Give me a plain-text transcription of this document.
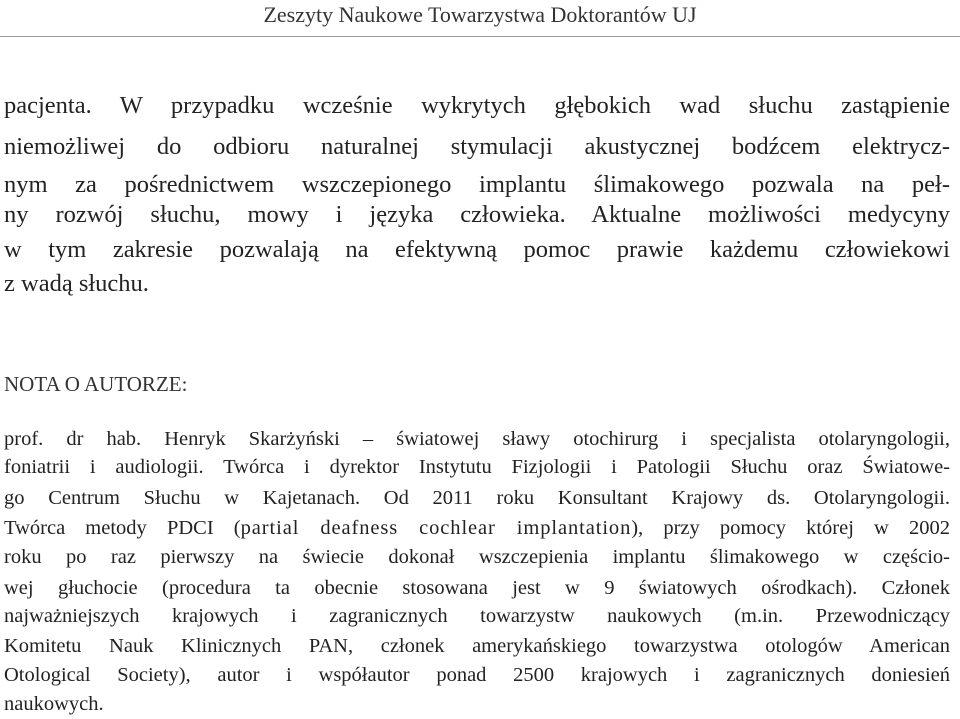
Zeszyty Naukowe Towarzystwa Doktorantów UJ
pacjenta. W przypadku wcześnie wykrytych głębokich wad słuchu zastąpienie
niemożliwej do odbioru naturalnej stymulacji akustycznej bodźcem elektrycz-
nym za pośrednictwem wszczepionego implantu ślimakowego pozwala na peł-
ny rozwój słuchu, mowy i języka człowieka. Aktualne możliwości medycyny
w tym zakresie pozwalają na efektywną pomoc prawie każdemu człowiekowi
z wadą słuchu.
NOTA O AUTORZE:
prof. dr hab. Henryk Skarżyński – światowej sławy otochirurg i specjalista otolaryngologii,
foniatrii i audiologii. Twórca i dyrektor Instytutu Fizjologii i Patologii Słuchu oraz Światowe-
go Centrum Słuchu w Kajetanach. Od 2011 roku Konsultant Krajowy ds. Otolaryngologii.
Twórca metody PDCI (partial deafness cochlear implantation), przy pomocy której w 2002
roku po raz pierwszy na świecie dokonał wszczepienia implantu ślimakowego w częścio-
wej głuchocie (procedura ta obecnie stosowana jest w 9 światowych ośrodkach). Członek
najważniejszych krajowych i zagranicznych towarzystw naukowych (m.in. Przewodniczący
Komitetu Nauk Klinicznych PAN, członek amerykańskiego towarzystwa otologów American
Otological Society), autor i współautor ponad 2500 krajowych i zagranicznych doniesień
naukowych.
